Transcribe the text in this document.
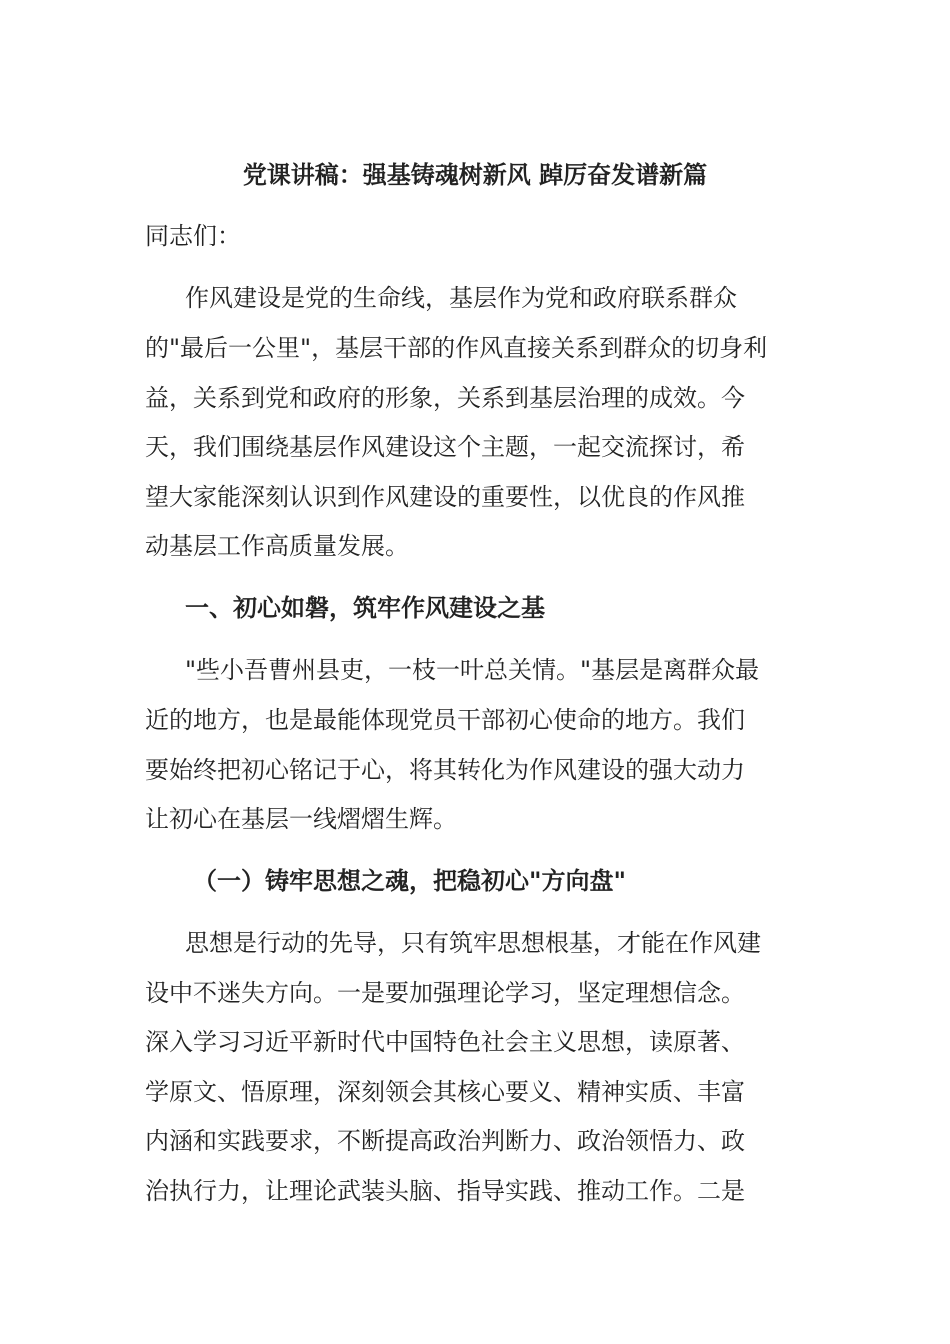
党课讲稿：强基铸魂树新风 踔厉奋发谱新篇
同志们：
作风建设是党的生命线，基层作为党和政府联系群众
的"最后一公里"，基层干部的作风直接关系到群众的切身利
益，关系到党和政府的形象，关系到基层治理的成效。今
天，我们围绕基层作风建设这个主题，一起交流探讨，希
望大家能深刻认识到作风建设的重要性，以优良的作风推
动基层工作高质量发展。
一、初心如磐，筑牢作风建设之基
"些小吾曹州县吏，一枝一叶总关情。"基层是离群众最
近的地方，也是最能体现党员干部初心使命的地方。我们
要始终把初心铭记于心，将其转化为作风建设的强大动力
让初心在基层一线熠熠生辉。
（一）铸牢思想之魂，把稳初心"方向盘"
思想是行动的先导，只有筑牢思想根基，才能在作风建
设中不迷失方向。一是要加强理论学习，坚定理想信念。
深入学习习近平新时代中国特色社会主义思想，读原著、
学原文、悟原理，深刻领会其核心要义、精神实质、丰富
内涵和实践要求，不断提高政治判断力、政治领悟力、政
治执行力，让理论武装头脑、指导实践、推动工作。二是
